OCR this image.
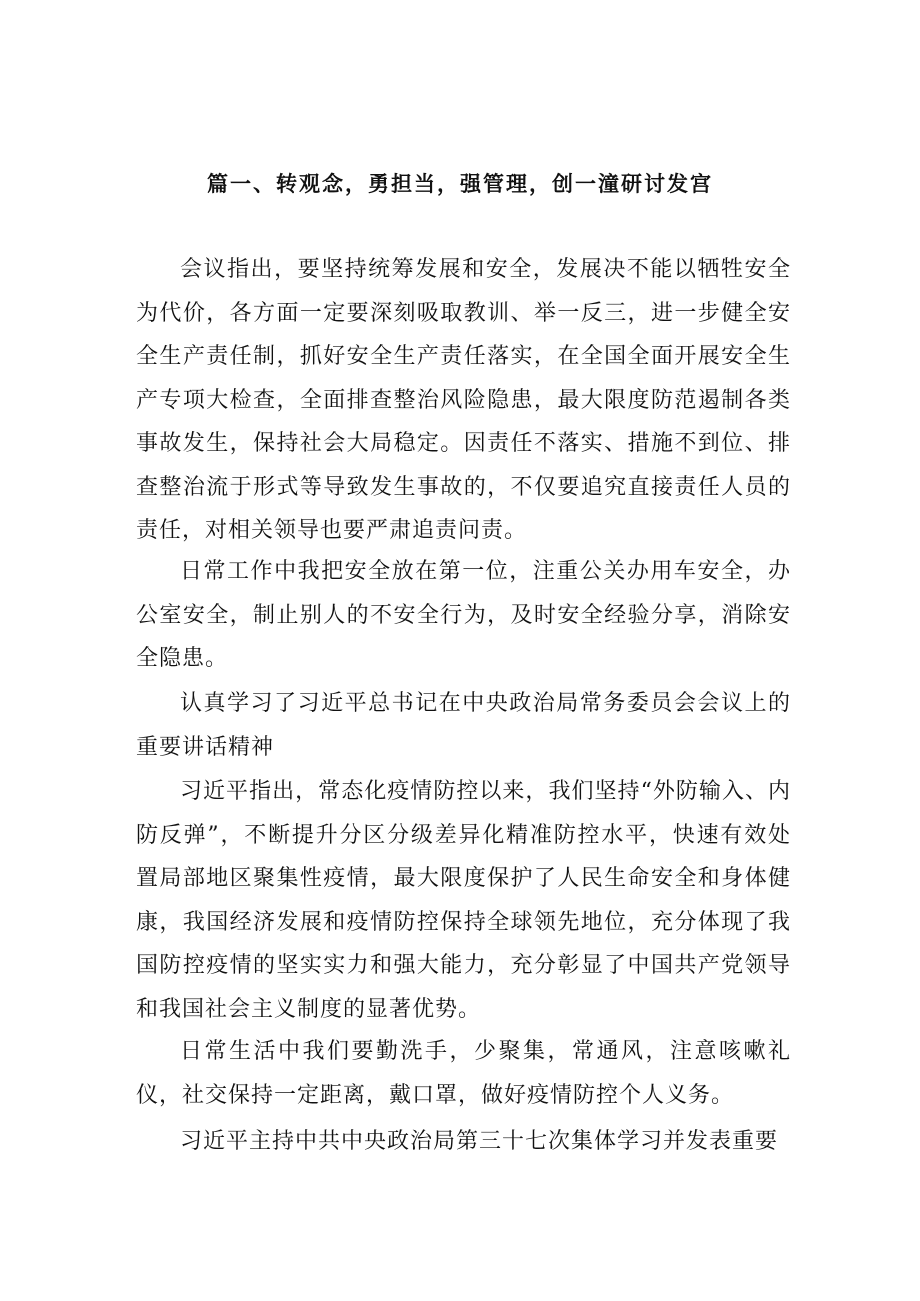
篇一、转观念，勇担当，强管理，创一潼研讨发宫

会议指出，要坚持统筹发展和安全，发展决不能以牺牲安全为代价，各方面一定要深刻吸取教训、举一反三，进一步健全安全生产责任制，抓好安全生产责任落实，在全国全面开展安全生产专项大检查，全面排查整治风险隐患，最大限度防范遏制各类事故发生，保持社会大局稳定。因责任不落实、措施不到位、排查整治流于形式等导致发生事故的，不仅要追究直接责任人员的责任，对相关领导也要严肃追责问责。

日常工作中我把安全放在第一位，注重公关办用车安全，办公室安全，制止别人的不安全行为，及时安全经验分享，消除安全隐患。

认真学习了习近平总书记在中央政治局常务委员会会议上的重要讲话精神

习近平指出，常态化疫情防控以来，我们坚持“外防输入、内防反弹”，不断提升分区分级差异化精准防控水平，快速有效处置局部地区聚集性疫情，最大限度保护了人民生命安全和身体健康，我国经济发展和疫情防控保持全球领先地位，充分体现了我国防控疫情的坚实实力和强大能力，充分彰显了中国共产党领导和我国社会主义制度的显著优势。

日常生活中我们要勤洗手，少聚集，常通风，注意咳嗽礼仪，社交保持一定距离，戴口罩，做好疫情防控个人义务。

习近平主持中共中央政治局第三十七次集体学习并发表重要
